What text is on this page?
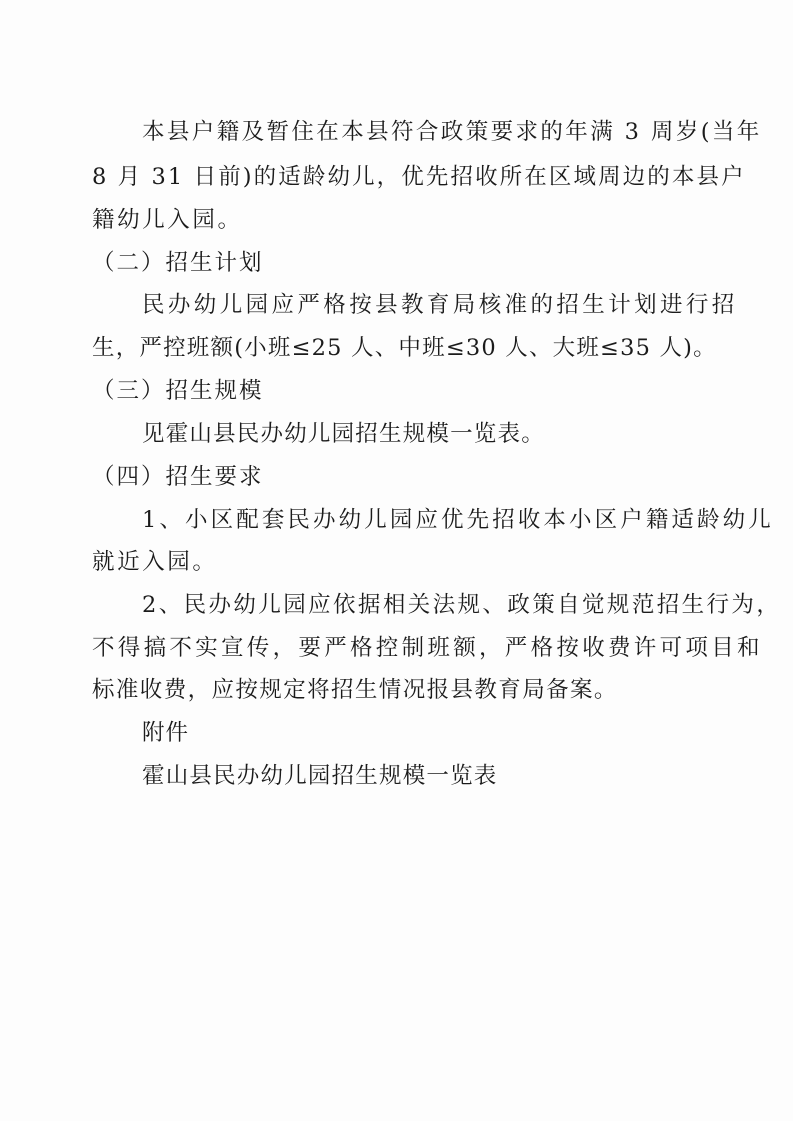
本县户籍及暂住在本县符合政策要求的年满 3 周岁(当年
8 月 31 日前)的适龄幼儿，优先招收所在区域周边的本县户
籍幼儿入园。
（二）招生计划
民办幼儿园应严格按县教育局核准的招生计划进行招
生，严控班额(小班≤25 人、中班≤30 人、大班≤35 人)。
（三）招生规模
见霍山县民办幼儿园招生规模一览表。
（四）招生要求
1、小区配套民办幼儿园应优先招收本小区户籍适龄幼儿
就近入园。
2、民办幼儿园应依据相关法规、政策自觉规范招生行为，
不得搞不实宣传，要严格控制班额，严格按收费许可项目和
标准收费，应按规定将招生情况报县教育局备案。
附件
霍山县民办幼儿园招生规模一览表
